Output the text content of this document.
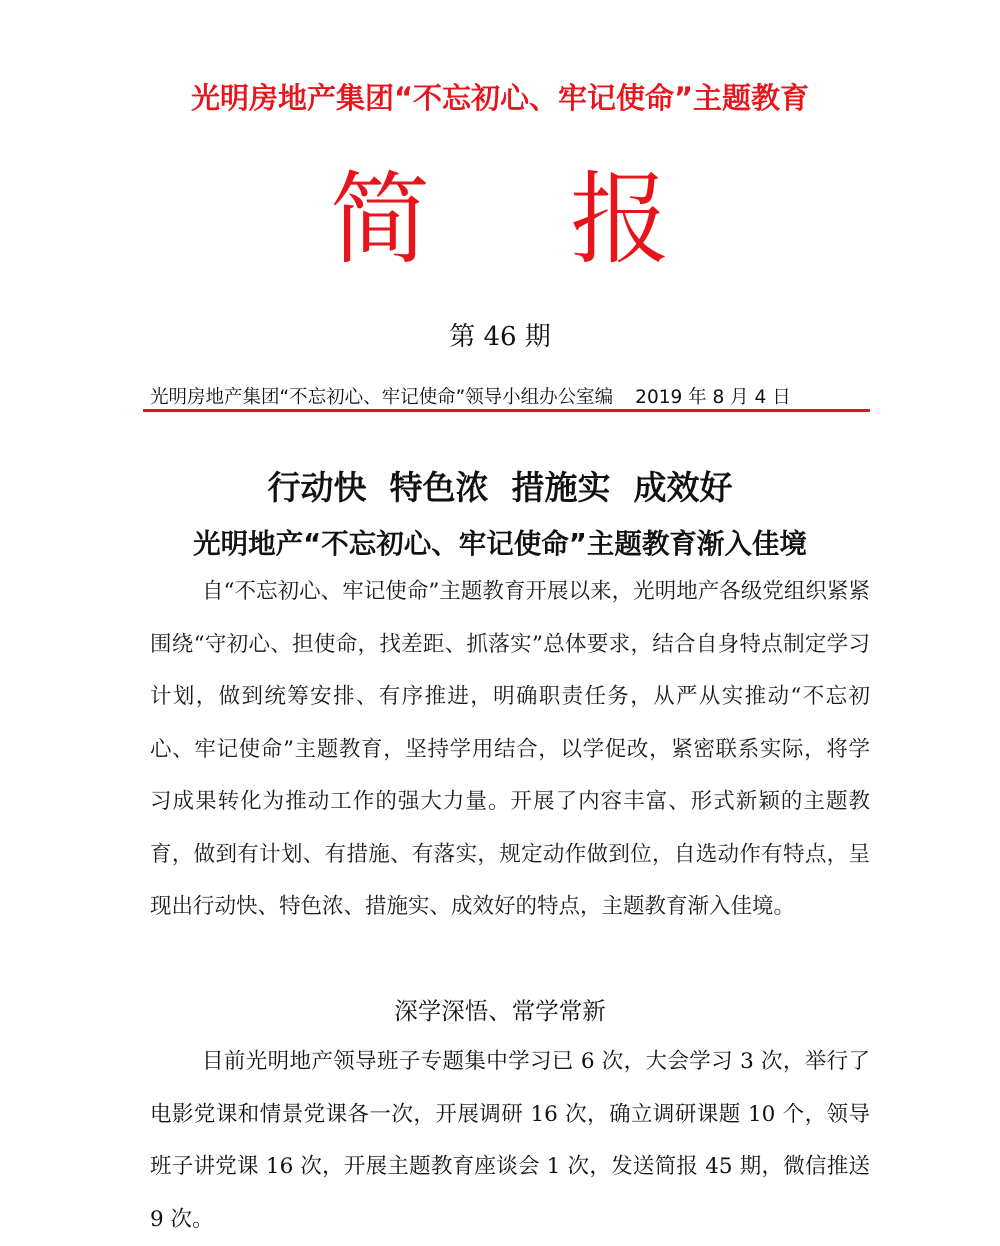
光明房地产集团“不忘初心、牢记使命”主题教育
简 报
第 46 期
光明房地产集团“不忘初心、牢记使命”领导小组办公室编 2019 年 8 月 4 日
行动快  特色浓  措施实  成效好
光明地产“不忘初心、牢记使命”主题教育渐入佳境

自“不忘初心、牢记使命”主题教育开展以来，光明地产各级党组织紧紧围绕“守初心、担使命，找差距、抓落实”总体要求，结合自身特点制定学习计划，做到统筹安排、有序推进，明确职责任务，从严从实推动“不忘初心、牢记使命”主题教育，坚持学用结合，以学促改，紧密联系实际，将学习成果转化为推动工作的强大力量。开展了内容丰富、形式新颖的主题教育，做到有计划、有措施、有落实，规定动作做到位，自选动作有特点，呈现出行动快、特色浓、措施实、成效好的特点，主题教育渐入佳境。

深学深悟、常学常新

目前光明地产领导班子专题集中学习已 6 次，大会学习 3 次，举行了电影党课和情景党课各一次，开展调研 16 次，确立调研课题 10 个，领导班子讲党课 16 次，开展主题教育座谈会 1 次，发送简报 45 期，微信推送 9 次。
